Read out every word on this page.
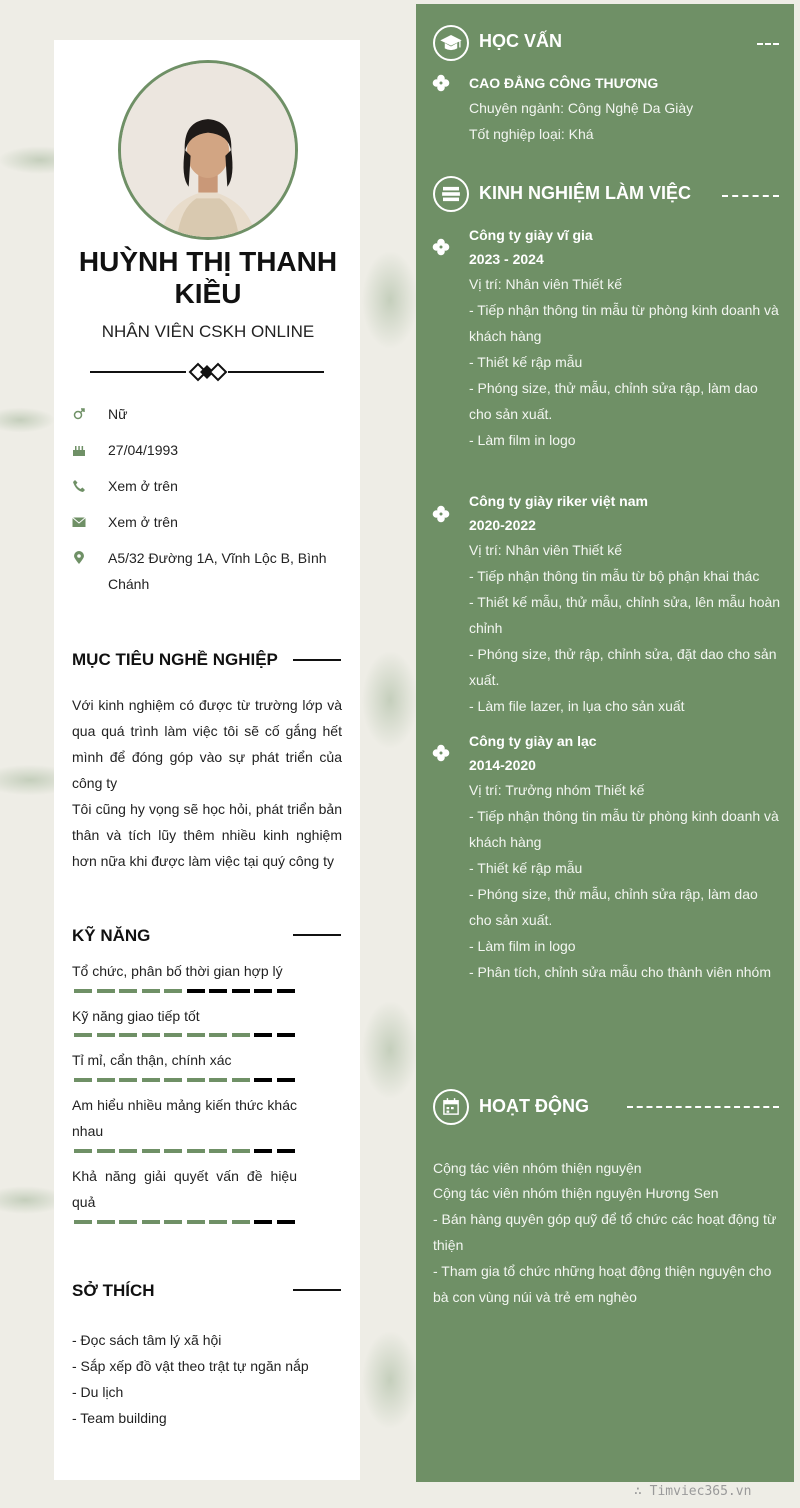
HUỲNH THỊ THANH KIỀU
NHÂN VIÊN CSKH ONLINE
Nữ
27/04/1993
Xem ở trên
Xem ở trên
A5/32 Đường 1A, Vĩnh Lộc B, Bình Chánh
MỤC TIÊU NGHỀ NGHIỆP
Với kinh nghiệm có được từ trường lớp và qua quá trình làm việc tôi sẽ cố gắng hết mình để đóng góp vào sự phát triển của công ty
Tôi cũng hy vọng sẽ học hỏi, phát triển bản thân và tích lũy thêm nhiều kinh nghiệm hơn nữa khi được làm việc tại quý công ty
KỸ NĂNG
Tổ chức, phân bố thời gian hợp lý
Kỹ năng giao tiếp tốt
Tỉ mỉ, cẩn thận, chính xác
Am hiểu nhiều mảng kiến thức khác nhau
Khả năng giải quyết vấn đề hiệu quả
SỞ THÍCH
- Đọc sách tâm lý xã hội
- Sắp xếp đồ vật theo trật tự ngăn nắp
- Du lịch
- Team building
HỌC VẤN
CAO ĐẲNG CÔNG THƯƠNG
Chuyên ngành: Công Nghệ Da Giày
Tốt nghiệp loại: Khá
KINH NGHIỆM LÀM VIỆC
Công ty giày vĩ gia
2023 - 2024
Vị trí: Nhân viên Thiết kế
- Tiếp nhận thông tin mẫu từ phòng kinh doanh và khách hàng
- Thiết kế rập mẫu
- Phóng size, thử mẫu, chỉnh sửa rập, làm dao cho sản xuất.
- Làm film in logo
Công ty giày riker việt nam
2020-2022
Vị trí: Nhân viên Thiết kế
- Tiếp nhận thông tin mẫu từ bộ phận khai thác
- Thiết kế mẫu, thử mẫu, chỉnh sửa, lên mẫu hoàn chỉnh
- Phóng size, thử rập, chỉnh sửa, đặt dao cho sản xuất.
- Làm file lazer, in lụa cho sản xuất
Công ty giày an lạc
2014-2020
Vị trí: Trưởng nhóm Thiết kế
- Tiếp nhận thông tin mẫu từ phòng kinh doanh và khách hàng
- Thiết kế rập mẫu
- Phóng size, thử mẫu, chỉnh sửa rập, làm dao cho sản xuất.
- Làm film in logo
- Phân tích, chỉnh sửa mẫu cho thành viên nhóm
HOẠT ĐỘNG
Cộng tác viên nhóm thiện nguyện
Cộng tác viên nhóm thiện nguyện Hương Sen
- Bán hàng quyên góp quỹ để tổ chức các hoạt động từ thiện
- Tham gia tổ chức những hoạt động thiện nguyện cho bà con vùng núi và trẻ em nghèo
∴ Timviec365.vn
